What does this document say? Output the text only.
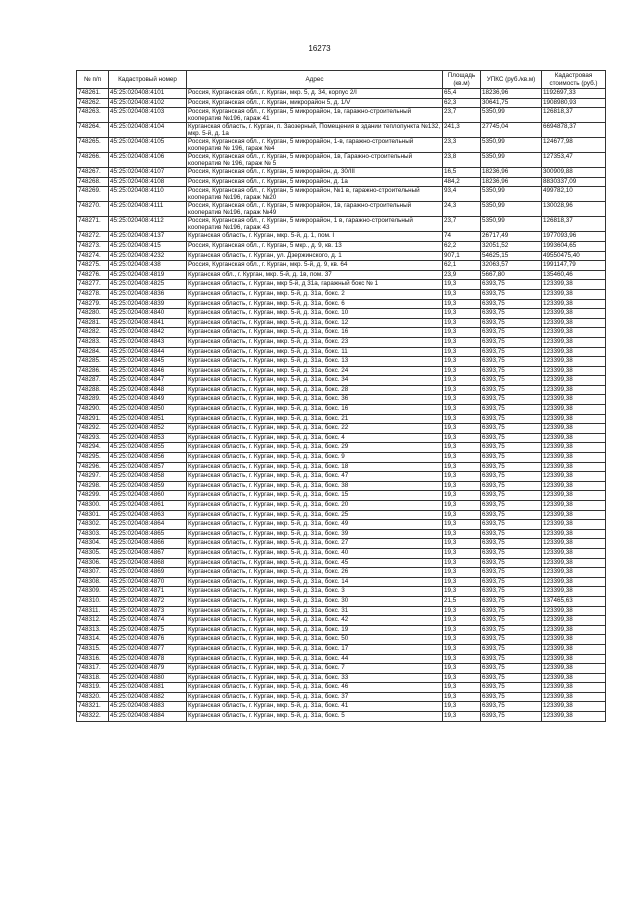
16273
№ п/п	Кадастровый номер	Адрес	Площадь (кв.м)	УПКС (руб./кв.м)	Кадастровая стоимость (руб.)
748261.	45:25:020408:4101	Россия, Курганская обл., г. Курган, мкр. 5, д. 34, корпус 2/I	65,4	18236,96	1192697,33
748262.	45:25:020408:4102	Россия, Курганская обл., г. Курган, микрорайон 5, д. 1/V	62,3	30641,75	1908980,93
748263.	45:25:020408:4103	Россия, Курганская обл., г. Курган, 5 микрорайон, 1в, гаражно-строительный кооператив №196, гараж 41	23,7	5350,99	126818,37
748264.	45:25:020408:4104	Курганская область, г. Курган, п. Заозерный, Помещения в здании теплопункта №132, мкр. 5-й, д. 1а	241,3	27745,04	6694878,37
748265.	45:25:020408:4105	Россия, Курганская обл., г. Курган, 5 микрорайон, 1-в, гаражно-строительный кооператив № 196, гараж №4	23,3	5350,99	124677,98
748266.	45:25:020408:4106	Россия, Курганская обл., г. Курган, 5 микрорайон, 1в, Гаражно-строительный кооператив № 196, гараж № 5	23,8	5350,99	127353,47
748267.	45:25:020408:4107	Россия, Курганская обл., г. Курган, 5 микрорайон, д. 30/III	16,5	18236,96	300909,88
748268.	45:25:020408:4108	Россия, Курганская обл., г. Курган, 5 микрорайон, д. 1а	484,2	18236,96	8830337,09
748269.	45:25:020408:4110	Россия, Курганская обл., г. Курган, 5 микрорайон, №1 в, гаражно-строительный кооператив №196, гараж №20	93,4	5350,99	499782,10
748270.	45:25:020408:4111	Россия, Курганская обл., г. Курган, 5 микрорайон, 1в, гаражно-строительный кооператив №196, гараж №49	24,3	5350,99	130028,96
748271.	45:25:020408:4112	Россия, Курганская обл., г. Курган, 5 микрорайон, 1 в, гаражно-строительный кооператив №196, гараж 43	23,7	5350,99	126818,37
748272.	45:25:020408:4137	Курганская область, г. Курган, мкр. 5-й, д. 1, пом. I	74	26717,49	1977093,96
748273.	45:25:020408:415	Россия, Курганская обл., г. Курган, 5 мкр., д. 9, кв. 13	62,2	32051,52	1993604,65
748274.	45:25:020408:4232	Курганская область, г. Курган, ул. Дзержинского, д. 1	907,1	54625,15	49550475,40
748275.	45:25:020408:438	Россия, Курганская обл., г. Курган, мкр. 5-й, д. 9, кв. 64	62,1	32063,57	1991147,79
748276.	45:25:020408:4819	Курганская обл., г. Курган, мкр. 5-й, д. 1в, пом. 37	23,9	5667,80	135460,46
748277.	45:25:020408:4825	Курганская область, г. Курган, мкр 5-й, д 31а, гаражный бокс № 1	19,3	6393,75	123399,38
748278.	45:25:020408:4836	Курганская область, г. Курган, мкр. 5-й, д. 31а, бокс. 2	19,3	6393,75	123399,38
748279.	45:25:020408:4839	Курганская область, г. Курган, мкр. 5-й, д. 31а, бокс. 6	19,3	6393,75	123399,38
748280.	45:25:020408:4840	Курганская область, г. Курган, мкр. 5-й, д. 31а, бокс. 10	19,3	6393,75	123399,38
748281.	45:25:020408:4841	Курганская область, г. Курган, мкр. 5-й, д. 31а, бокс. 12	19,3	6393,75	123399,38
748282.	45:25:020408:4842	Курганская область, г. Курган, мкр. 5-й, д. 31а, бокс. 16	19,3	6393,75	123399,38
748283.	45:25:020408:4843	Курганская область, г. Курган, мкр. 5-й, д. 31а, бокс. 23	19,3	6393,75	123399,38
748284.	45:25:020408:4844	Курганская область, г. Курган, мкр. 5-й, д. 31а, бокс. 11	19,3	6393,75	123399,38
748285.	45:25:020408:4845	Курганская область, г. Курган, мкр. 5-й, д. 31а, бокс. 13	19,3	6393,75	123399,38
748286.	45:25:020408:4846	Курганская область, г. Курган, мкр. 5-й, д. 31а, бокс. 24	19,3	6393,75	123399,38
748287.	45:25:020408:4847	Курганская область, г. Курган, мкр. 5-й, д. 31а, бокс. 34	19,3	6393,75	123399,38
748288.	45:25:020408:4848	Курганская область, г. Курган, мкр. 5-й, д. 31а, бокс. 28	19,3	6393,75	123399,38
748289.	45:25:020408:4849	Курганская область, г. Курган, мкр. 5-й, д. 31а, бокс. 36	19,3	6393,75	123399,38
748290.	45:25:020408:4850	Курганская область, г. Курган, мкр. 5-й, д. 31а, бокс. 16	19,3	6393,75	123399,38
748291.	45:25:020408:4851	Курганская область, г. Курган, мкр. 5-й, д. 31а, бокс. 21	19,3	6393,75	123399,38
748292.	45:25:020408:4852	Курганская область, г. Курган, мкр. 5-й, д. 31а, бокс. 22	19,3	6393,75	123399,38
748293.	45:25:020408:4853	Курганская область, г. Курган, мкр. 5-й, д. 31а, бокс. 4	19,3	6393,75	123399,38
748294.	45:25:020408:4855	Курганская область, г. Курган, мкр. 5-й, д. 31а, бокс. 29	19,3	6393,75	123399,38
748295.	45:25:020408:4856	Курганская область, г. Курган, мкр. 5-й, д. 31а, бокс. 9	19,3	6393,75	123399,38
748296.	45:25:020408:4857	Курганская область, г. Курган, мкр. 5-й, д. 31а, бокс. 18	19,3	6393,75	123399,38
748297.	45:25:020408:4858	Курганская область, г. Курган, мкр. 5-й, д. 31а, бокс. 47	19,3	6393,75	123399,38
748298.	45:25:020408:4859	Курганская область, г. Курган, мкр. 5-й, д. 31а, бокс. 38	19,3	6393,75	123399,38
748299.	45:25:020408:4860	Курганская область, г. Курган, мкр. 5-й, д. 31а, бокс. 15	19,3	6393,75	123399,38
748300.	45:25:020408:4861	Курганская область, г. Курган, мкр. 5-й, д. 31а, бокс. 20	19,3	6393,75	123399,38
748301.	45:25:020408:4863	Курганская область, г. Курган, мкр. 5-й, д. 31а, бокс. 25	19,3	6393,75	123399,38
748302.	45:25:020408:4864	Курганская область, г. Курган, мкр. 5-й, д. 31а, бокс. 49	19,3	6393,75	123399,38
748303.	45:25:020408:4865	Курганская область, г. Курган, мкр. 5-й, д. 31а, бокс. 39	19,3	6393,75	123399,38
748304.	45:25:020408:4866	Курганская область, г. Курган, мкр. 5-й, д. 31а, бокс. 27	19,3	6393,75	123399,38
748305.	45:25:020408:4867	Курганская область, г. Курган, мкр. 5-й, д. 31а, бокс. 40	19,3	6393,75	123399,38
748306.	45:25:020408:4868	Курганская область, г. Курган, мкр. 5-й, д. 31а, бокс. 45	19,3	6393,75	123399,38
748307.	45:25:020408:4869	Курганская область, г. Курган, мкр. 5-й, д. 31а, бокс. 26	19,3	6393,75	123399,38
748308.	45:25:020408:4870	Курганская область, г. Курган, мкр. 5-й, д. 31а, бокс. 14	19,3	6393,75	123399,38
748309.	45:25:020408:4871	Курганская область, г. Курган, мкр. 5-й, д. 31а, бокс. 3	19,3	6393,75	123399,38
748310.	45:25:020408:4872	Курганская область, г. Курган, мкр. 5-й, д. 31а, бокс. 30	21,5	6393,75	137465,63
748311.	45:25:020408:4873	Курганская область, г. Курган, мкр. 5-й, д. 31а, бокс. 31	19,3	6393,75	123399,38
748312.	45:25:020408:4874	Курганская область, г. Курган, мкр. 5-й, д. 31а, бокс. 42	19,3	6393,75	123399,38
748313.	45:25:020408:4875	Курганская область, г. Курган, мкр. 5-й, д. 31а, бокс. 19	19,3	6393,75	123399,38
748314.	45:25:020408:4876	Курганская область, г. Курган, мкр. 5-й, д. 31а, бокс. 50	19,3	6393,75	123399,38
748315.	45:25:020408:4877	Курганская область, г. Курган, мкр. 5-й, д. 31а, бокс. 17	19,3	6393,75	123399,38
748316.	45:25:020408:4878	Курганская область, г. Курган, мкр. 5-й, д. 31а, бокс. 44	19,3	6393,75	123399,38
748317.	45:25:020408:4879	Курганская область, г. Курган, мкр. 5-й, д. 31а, бокс. 7	19,3	6393,75	123399,38
748318.	45:25:020408:4880	Курганская область, г. Курган, мкр. 5-й, д. 31а, бокс. 33	19,3	6393,75	123399,38
748319.	45:25:020408:4881	Курганская область, г. Курган, мкр. 5-й, д. 31а, бокс. 46	19,3	6393,75	123399,38
748320.	45:25:020408:4882	Курганская область, г. Курган, мкр. 5-й, д. 31а, бокс. 37	19,3	6393,75	123399,38
748321.	45:25:020408:4883	Курганская область, г. Курган, мкр. 5-й, д. 31а, бокс. 41	19,3	6393,75	123399,38
748322.	45:25:020408:4884	Курганская область, г. Курган, мкр. 5-й, д. 31а, бокс. 5	19,3	6393,75	123399,38
